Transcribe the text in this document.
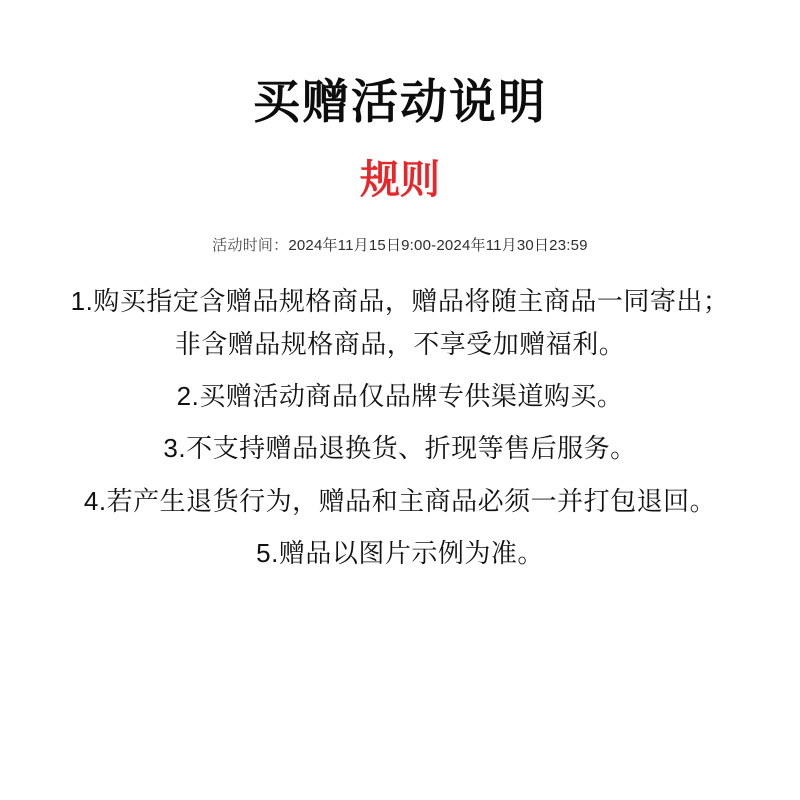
买赠活动说明
规则
活动时间：2024年11月15日9:00-2024年11月30日23:59
1.购买指定含赠品规格商品，赠品将随主商品一同寄出；
非含赠品规格商品，不享受加赠福利。
2.买赠活动商品仅品牌专供渠道购买。
3.不支持赠品退换货、折现等售后服务。
4.若产生退货行为，赠品和主商品必须一并打包退回。
5.赠品以图片示例为准。
